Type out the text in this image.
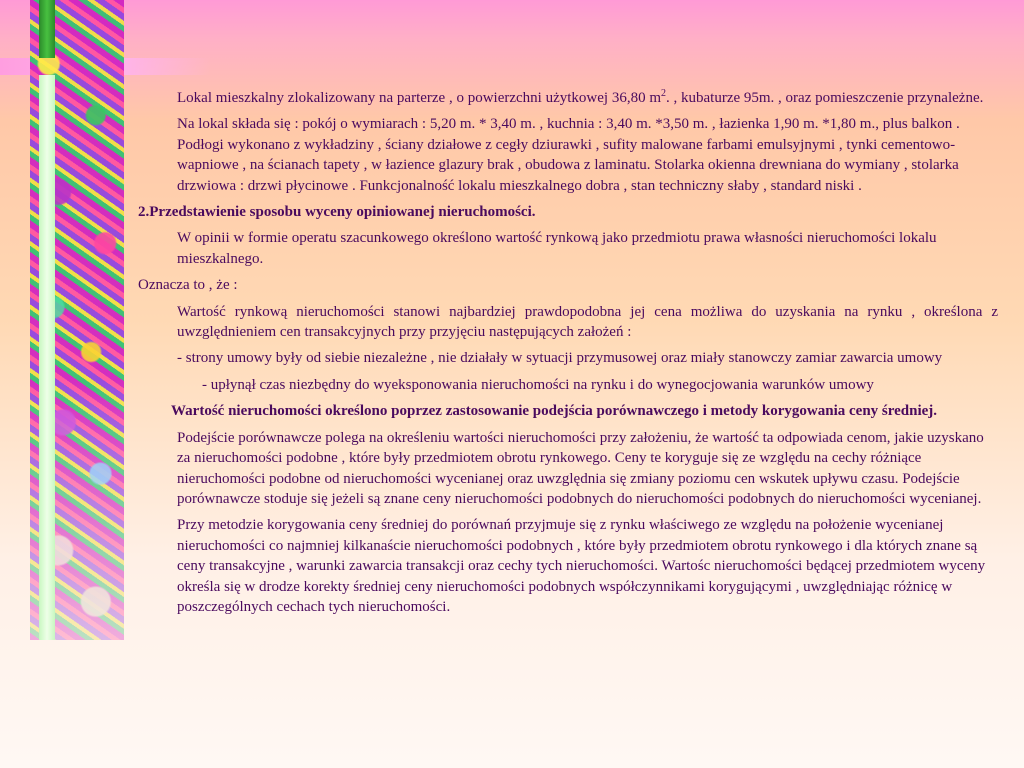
Lokal mieszkalny zlokalizowany na parterze , o powierzchni użytkowej 36,80 $m^2$. , kubaturze 95m. , oraz pomieszczenie przynależne.

Na lokal składa się : pokój o wymiarach : 5,20 m. * 3,40 m. , kuchnia : 3,40 m. *3,50 m. , łazienka 1,90 m. *1,80 m., plus balkon . Podłogi wykonano z wykładziny , ściany działowe z cegły dziurawki , sufity malowane farbami emulsyjnymi , tynki cementowo-wapniowe , na ścianach tapety , w łazience glazury brak , obudowa z laminatu. Stolarka okienna drewniana do wymiany , stolarka drzwiowa : drzwi płycinowe . Funkcjonalność lokalu mieszkalnego dobra , stan techniczny słaby , standard niski .

2.Przedstawienie sposobu wyceny opiniowanej nieruchomości.

W opinii w formie operatu szacunkowego określono wartość rynkową jako przedmiotu prawa własności nieruchomości lokalu mieszkalnego.

Oznacza to , że :

Wartość rynkową nieruchomości stanowi najbardziej prawdopodobna jej cena możliwa do uzyskania na rynku , określona z uwzględnieniem cen transakcyjnych przy przyjęciu następujących założeń :

- strony umowy były od siebie niezależne , nie działały w sytuacji przymusowej oraz miały stanowczy zamiar zawarcia umowy

- upłynął czas niezbędny do wyeksponowania nieruchomości na rynku i do wynegocjowania warunków umowy

Wartość nieruchomości określono poprzez zastosowanie podejścia porównawczego i metody korygowania ceny średniej.

Podejście porównawcze polega na określeniu wartości nieruchomości przy założeniu, że wartość ta odpowiada cenom, jakie uzyskano za nieruchomości podobne , które były przedmiotem obrotu rynkowego. Ceny te koryguje się ze względu na cechy różniące nieruchomości podobne od nieruchomości wycenianej oraz uwzględnia się zmiany poziomu cen wskutek upływu czasu. Podejście porównawcze stoduje się jeżeli są znane ceny nieruchomości podobnych do nieruchomości podobnych do nieruchomości wycenianej.

Przy metodzie korygowania ceny średniej do porównań przyjmuje się z rynku właściwego ze względu na położenie wycenianej nieruchomości co najmniej kilkanaście nieruchomości podobnych , które były przedmiotem obrotu rynkowego i dla których znane są ceny transakcyjne , warunki zawarcia transakcji oraz cechy tych nieruchomości. Wartośc nieruchomości będącej przedmiotem wyceny określa się w drodze korekty średniej ceny nieruchomości podobnych współczynnikami korygującymi , uwzględniając różnicę w poszczególnych cechach tych nieruchomości.
